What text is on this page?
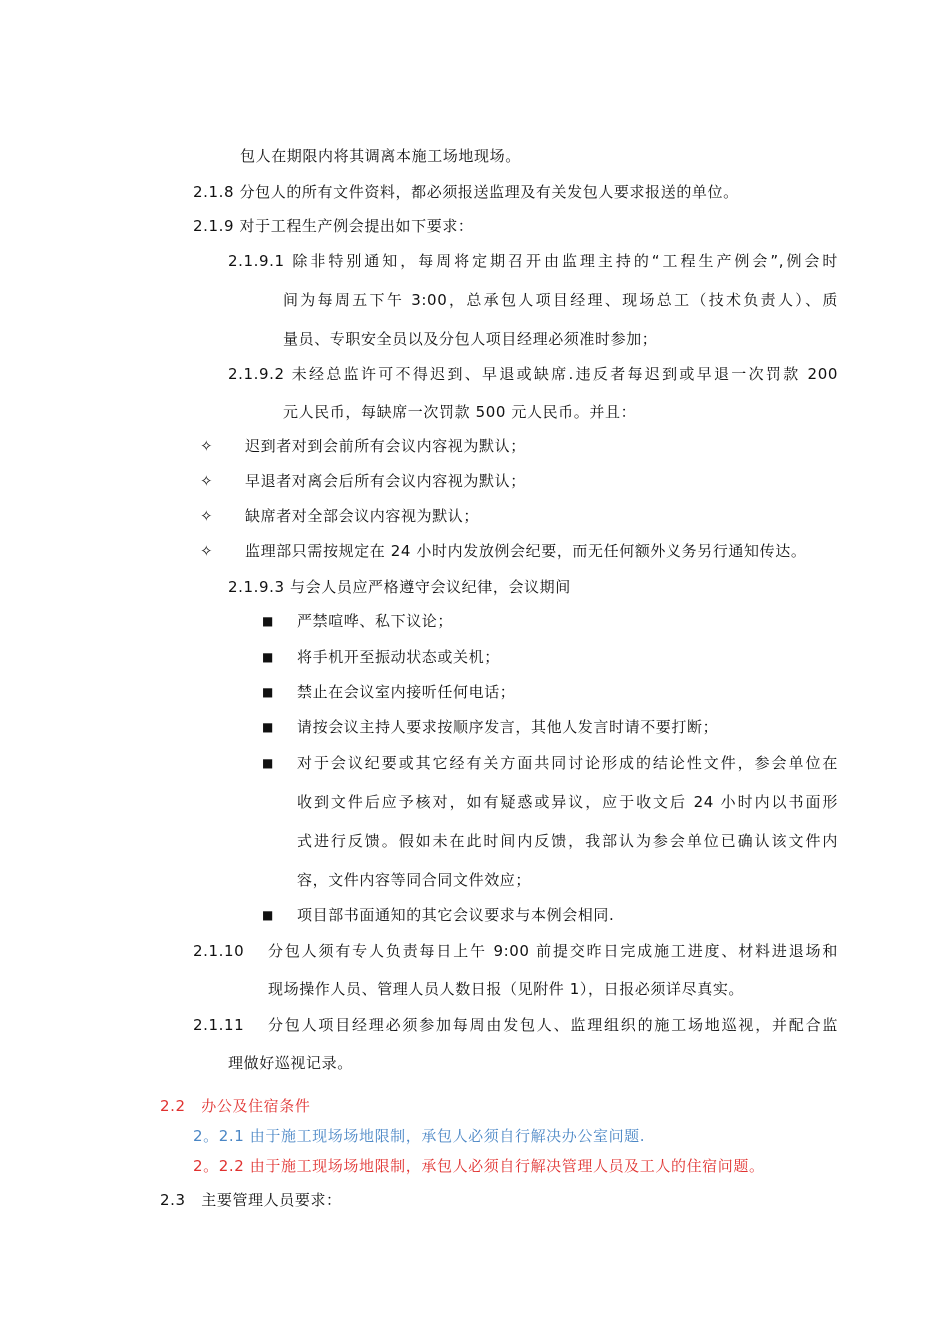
包人在期限内将其调离本施工场地现场。
2.1.8 分包人的所有文件资料，都必须报送监理及有关发包人要求报送的单位。
2.1.9 对于工程生产例会提出如下要求：
2.1.9.1 除非特别通知，每周将定期召开由监理主持的“工程生产例会”,例会时
间为每周五下午 3:00，总承包人项目经理、现场总工（技术负责人）、质
量员、专职安全员以及分包人项目经理必须准时参加；
2.1.9.2 未经总监许可不得迟到、早退或缺席.违反者每迟到或早退一次罚款 200
元人民币，每缺席一次罚款 500 元人民币。并且：
✧ 迟到者对到会前所有会议内容视为默认；
✧ 早退者对离会后所有会议内容视为默认；
✧ 缺席者对全部会议内容视为默认；
✧ 监理部只需按规定在 24 小时内发放例会纪要，而无任何额外义务另行通知传达。
2.1.9.3 与会人员应严格遵守会议纪律，会议期间
■ 严禁喧哗、私下议论；
■ 将手机开至振动状态或关机；
■ 禁止在会议室内接听任何电话；
■ 请按会议主持人要求按顺序发言，其他人发言时请不要打断；
■ 对于会议纪要或其它经有关方面共同讨论形成的结论性文件，参会单位在
收到文件后应予核对，如有疑惑或异议，应于收文后 24 小时内以书面形
式进行反馈。假如未在此时间内反馈，我部认为参会单位已确认该文件内
容，文件内容等同合同文件效应；
■ 项目部书面通知的其它会议要求与本例会相同.
2.1.10 分包人须有专人负责每日上午 9:00 前提交昨日完成施工进度、材料进退场和
现场操作人员、管理人员人数日报（见附件 1），日报必须详尽真实。
2.1.11 分包人项目经理必须参加每周由发包人、监理组织的施工场地巡视，并配合监
理做好巡视记录。
2.2　办公及住宿条件
2。2.1 由于施工现场场地限制，承包人必须自行解决办公室问题.
2。2.2 由于施工现场场地限制，承包人必须自行解决管理人员及工人的住宿问题。
2.3　主要管理人员要求：
